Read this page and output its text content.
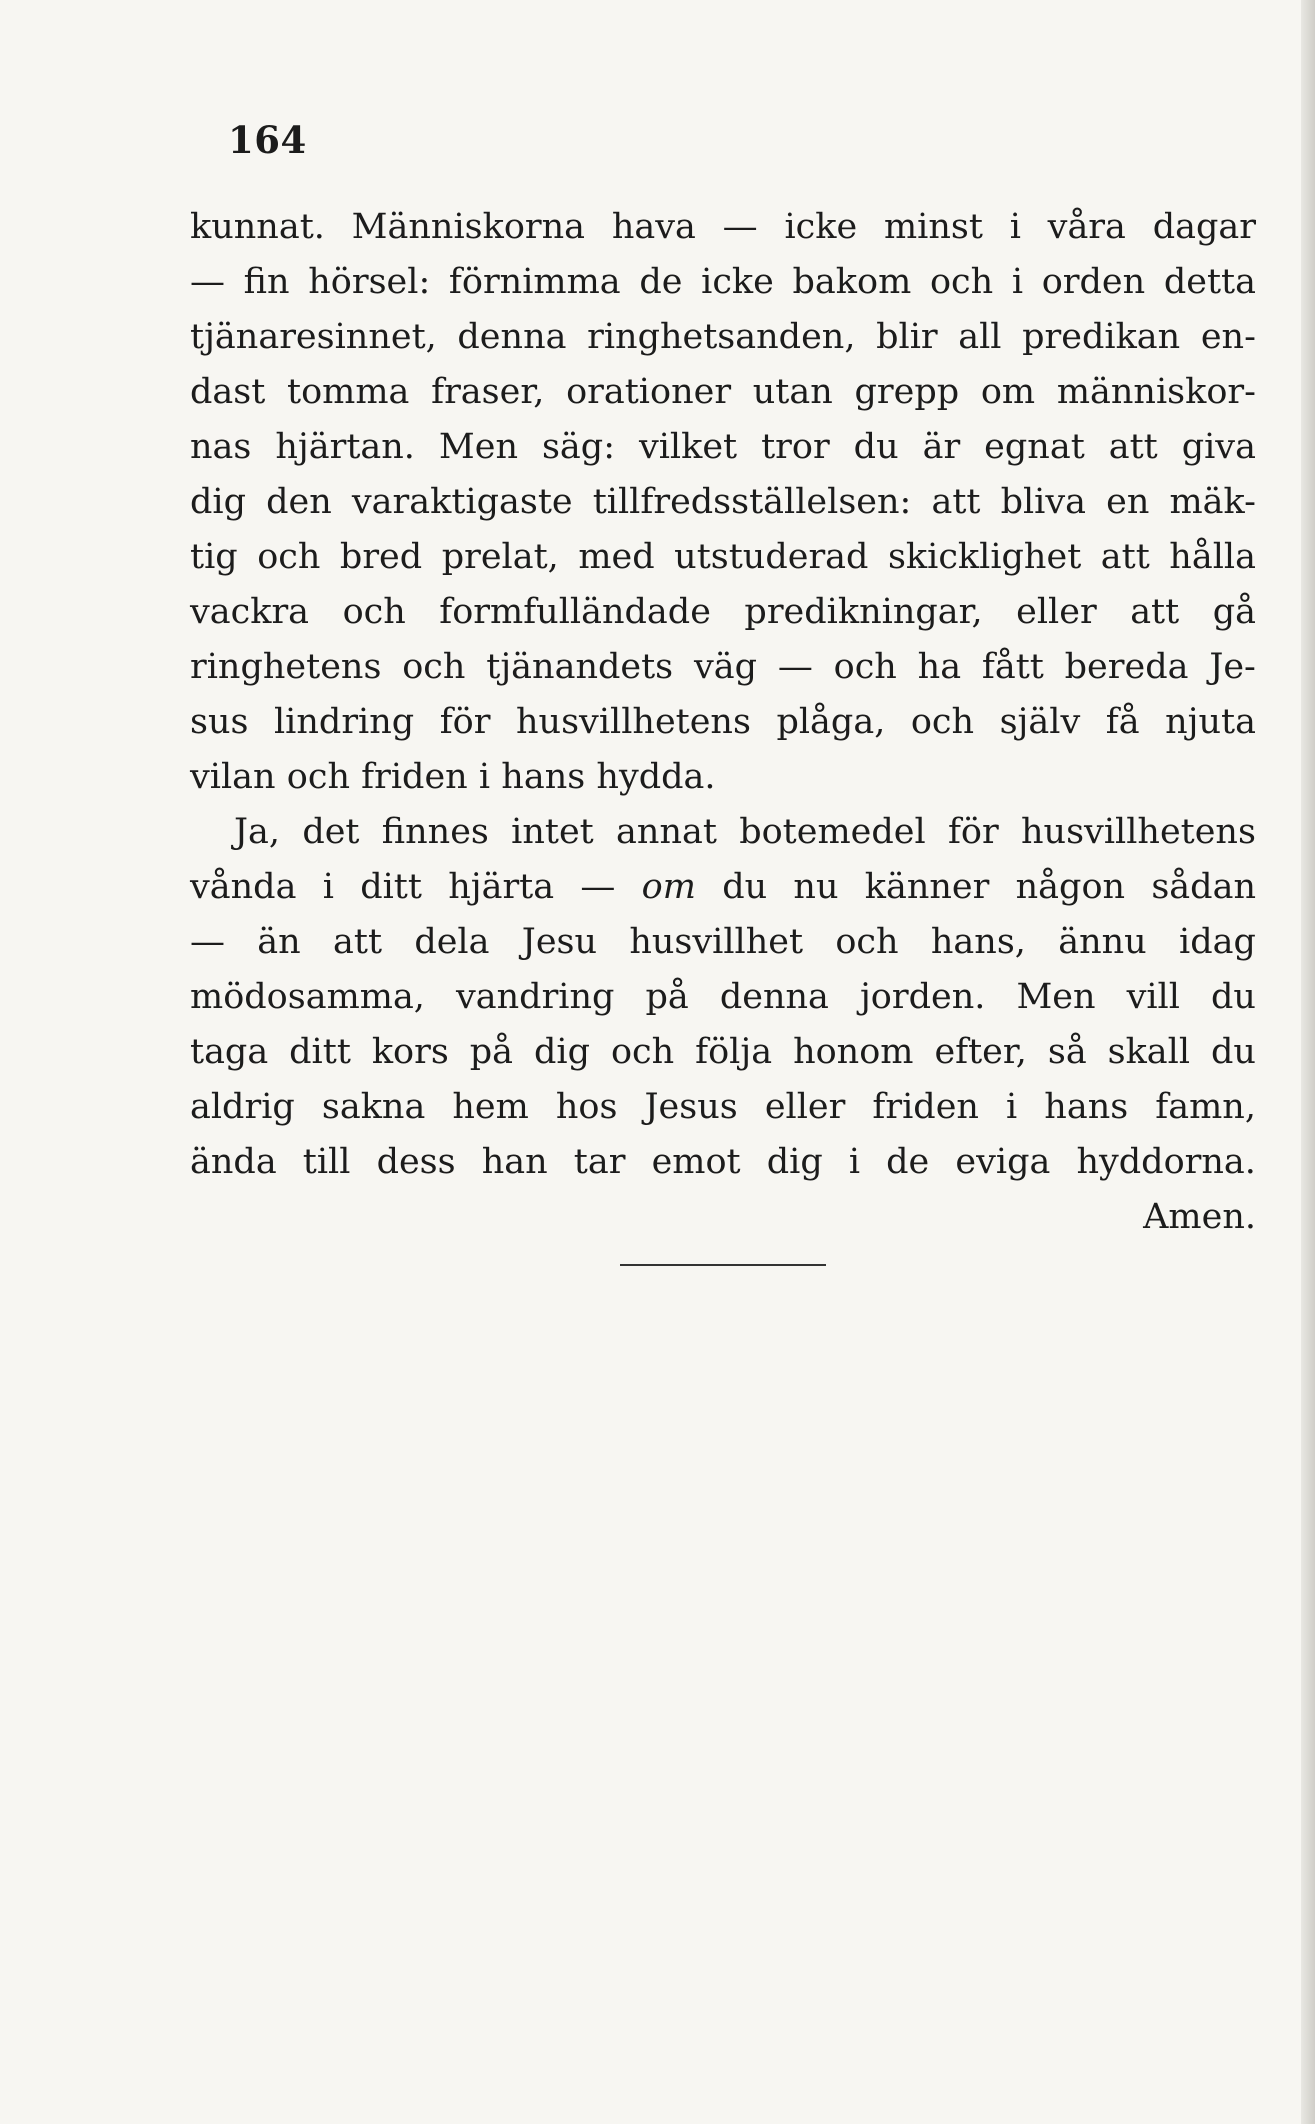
164
kunnat. Människorna hava — icke minst i våra dagar
— fin hörsel: förnimma de icke bakom och i orden detta
tjänaresinnet, denna ringhetsanden, blir all predikan en-
dast tomma fraser, orationer utan grepp om människor-
nas hjärtan. Men säg: vilket tror du är egnat att giva
dig den varaktigaste tillfredsställelsen: att bliva en mäk-
tig och bred prelat, med utstuderad skicklighet att hålla
vackra och formfulländade predikningar, eller att gå
ringhetens och tjänandets väg — och ha fått bereda Je-
sus lindring för husvillhetens plåga, och själv få njuta
vilan och friden i hans hydda.
Ja, det finnes intet annat botemedel för husvillhetens
vånda i ditt hjärta — om du nu känner någon sådan
— än att dela Jesu husvillhet och hans, ännu idag
mödosamma, vandring på denna jorden. Men vill du
taga ditt kors på dig och följa honom efter, så skall du
aldrig sakna hem hos Jesus eller friden i hans famn,
ända till dess han tar emot dig i de eviga hyddorna.
Amen.
